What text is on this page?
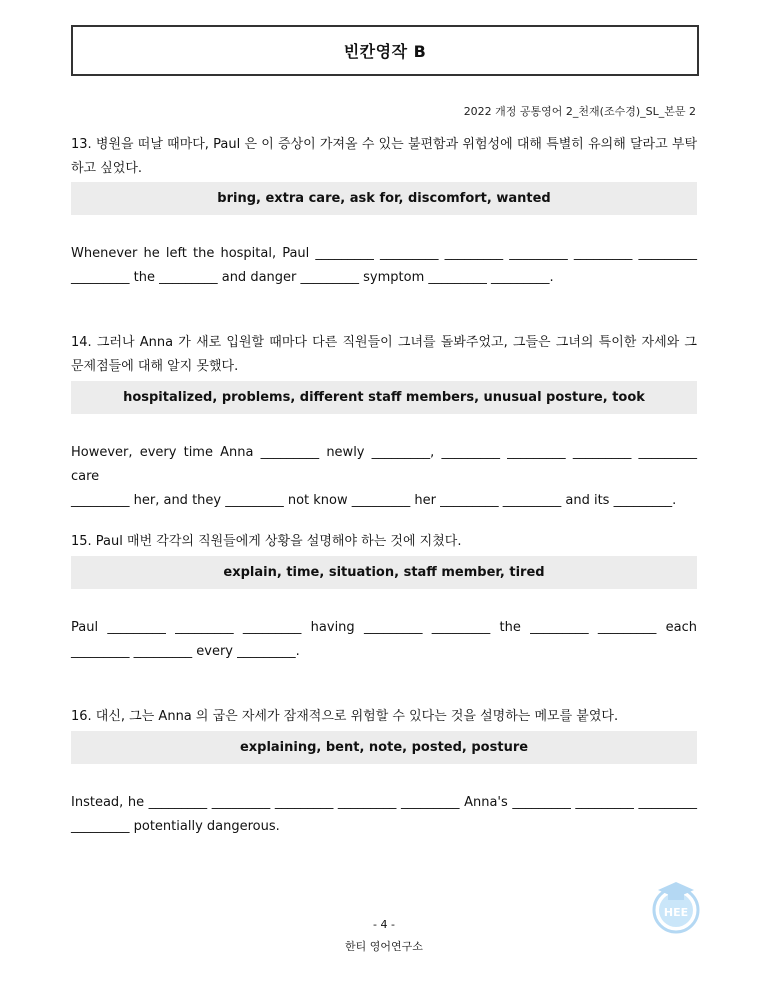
빈칸영작 B
2022 개정 공통영어 2_천재(조수경)_SL_본문 2
13. 병원을 떠날 때마다, Paul 은 이 증상이 가져올 수 있는 불편함과 위험성에 대해 특별히 유의해 달라고 부탁하고 싶었다.
bring, extra care, ask for, discomfort, wanted
Whenever he left the hospital, Paul _________ _________ _________ _________ _________ _________
_________ the _________ and danger _________ symptom _________ _________.
14. 그러나 Anna 가 새로 입원할 때마다 다른 직원들이 그녀를 돌봐주었고, 그들은 그녀의 특이한 자세와 그 문제점들에 대해 알지 못했다.
hospitalized, problems, different staff members, unusual posture, took
However, every time Anna _________ newly _________, _________ _________ _________ _________ care
_________ her, and they _________ not know _________ her _________ _________ and its _________.
15. Paul 매번 각각의 직원들에게 상황을 설명해야 하는 것에 지쳤다.
explain, time, situation, staff member, tired
Paul _________ _________ _________ having _________ _________ the _________ _________ each
_________ _________ every _________.
16. 대신, 그는 Anna 의 굽은 자세가 잠재적으로 위험할 수 있다는 것을 설명하는 메모를 붙였다.
explaining, bent, note, posted, posture
Instead, he _________ _________ _________ _________ _________ Anna's _________ _________ _________
_________ potentially dangerous.
HEE
- 4 -
한티 영어연구소
